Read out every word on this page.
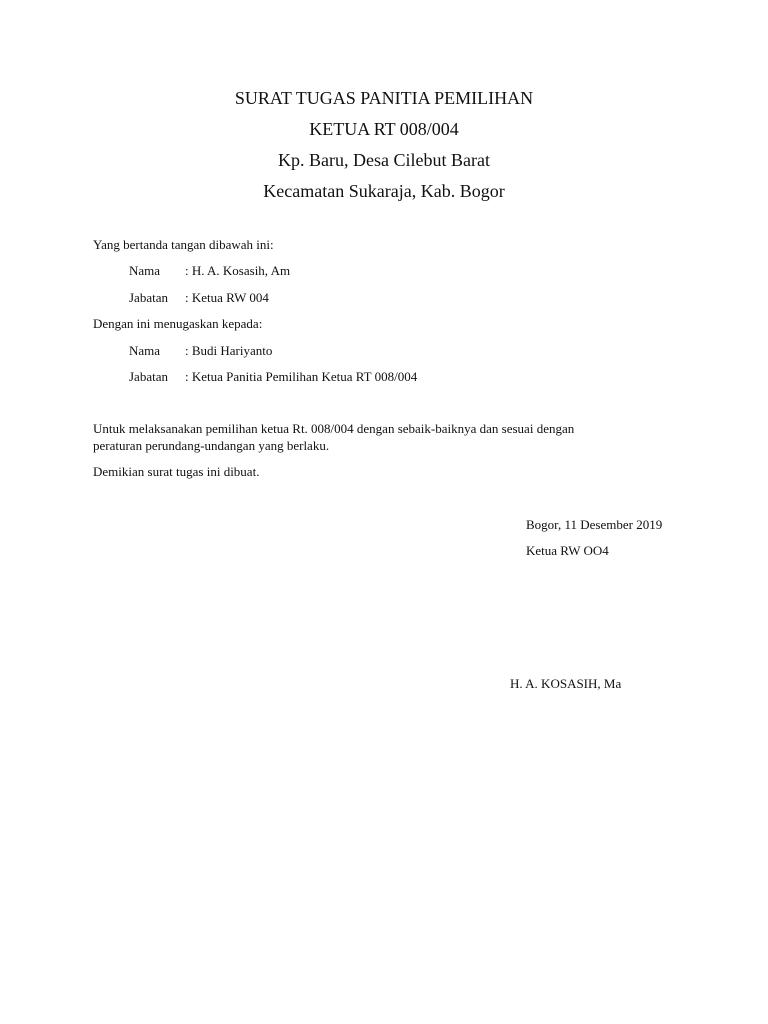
SURAT TUGAS PANITIA PEMILIHAN
KETUA RT 008/004
Kp. Baru, Desa Cilebut Barat
Kecamatan Sukaraja, Kab. Bogor
Yang bertanda tangan dibawah ini:
Nama : H. A. Kosasih, Am
Jabatan : Ketua RW 004
Dengan ini menugaskan kepada:
Nama : Budi Hariyanto
Jabatan : Ketua Panitia Pemilihan Ketua RT 008/004
Untuk melaksanakan pemilihan ketua Rt. 008/004 dengan sebaik-baiknya dan sesuai dengan
peraturan perundang-undangan yang berlaku.
Demikian surat tugas ini dibuat.
Bogor, 11 Desember 2019
Ketua RW OO4
H. A. KOSASIH, Ma
